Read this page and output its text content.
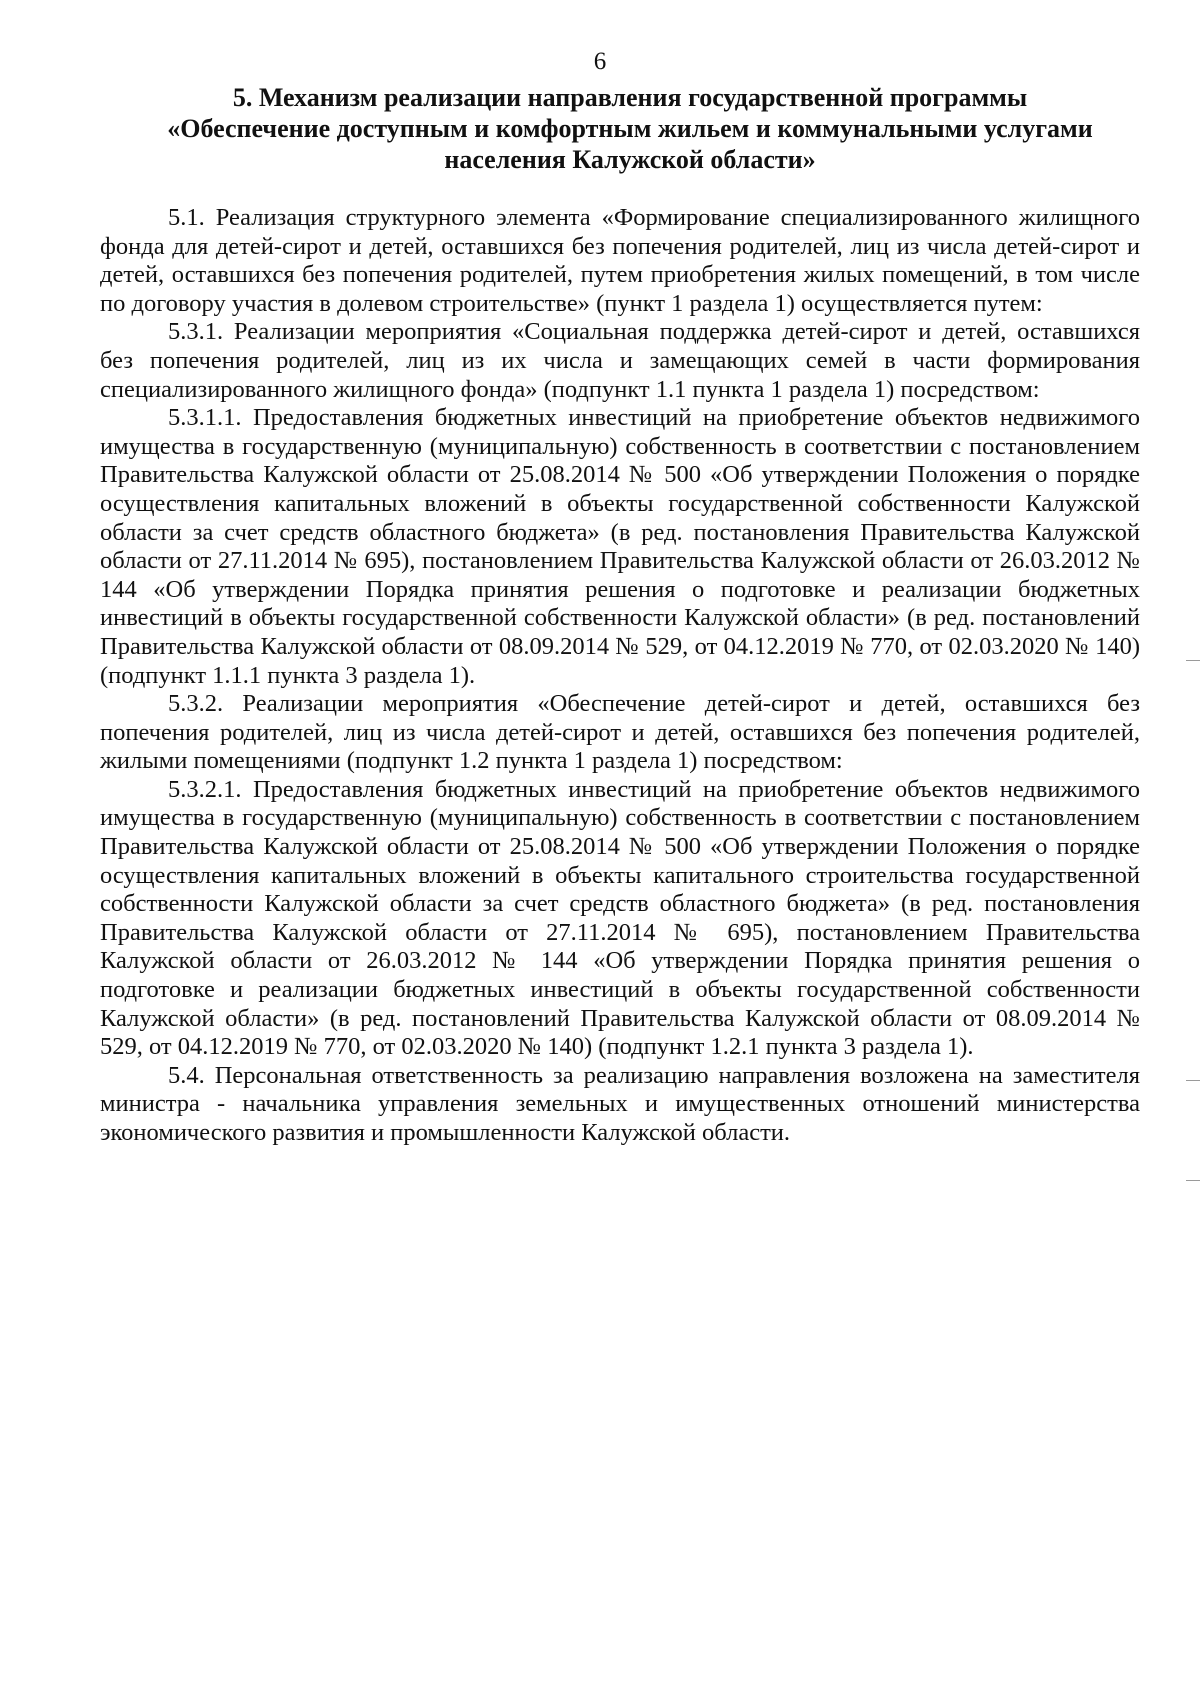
6
5. Механизм реализации направления государственной программы
«Обеспечение доступным и комфортным жильем и коммунальными услугами
населения Калужской области»

5.1. Реализация структурного элемента «Формирование специализированного жилищного фонда для детей-сирот и детей, оставшихся без попечения родителей, лиц из числа детей-сирот и детей, оставшихся без попечения родителей, путем приобретения жилых помещений, в том числе по договору участия в долевом строительстве» (пункт 1 раздела 1) осуществляется путем:

5.3.1. Реализации мероприятия «Социальная поддержка детей-сирот и детей, оставшихся без попечения родителей, лиц из их числа и замещающих семей в части формирования специализированного жилищного фонда» (подпункт 1.1 пункта 1 раздела 1) посредством:

5.3.1.1. Предоставления бюджетных инвестиций на приобретение объектов недвижимого имущества в государственную (муниципальную) собственность в соответствии с постановлением Правительства Калужской области от 25.08.2014 № 500 «Об утверждении Положения о порядке осуществления капитальных вложений в объекты государственной собственности Калужской области за счет средств областного бюджета» (в ред. постановления Правительства Калужской области от 27.11.2014 № 695), постановлением Правительства Калужской области от 26.03.2012 № 144 «Об утверждении Порядка принятия решения о подготовке и реализации бюджетных инвестиций в объекты государственной собственности Калужской области» (в ред. постановлений Правительства Калужской области от 08.09.2014 № 529, от 04.12.2019 № 770, от 02.03.2020 № 140) (подпункт 1.1.1 пункта 3 раздела 1).

5.3.2. Реализации мероприятия «Обеспечение детей-сирот и детей, оставшихся без попечения родителей, лиц из числа детей-сирот и детей, оставшихся без попечения родителей, жилыми помещениями (подпункт 1.2 пункта 1 раздела 1) посредством:

5.3.2.1. Предоставления бюджетных инвестиций на приобретение объектов недвижимого имущества в государственную (муниципальную) собственность в соответствии с постановлением Правительства Калужской области от 25.08.2014 № 500 «Об утверждении Положения о порядке осуществления капитальных вложений в объекты капитального строительства государственной собственности Калужской области за счет средств областного бюджета» (в ред. постановления Правительства Калужской области от 27.11.2014 № 695), постановлением Правительства Калужской области от 26.03.2012 № 144 «Об утверждении Порядка принятия решения о подготовке и реализации бюджетных инвестиций в объекты государственной собственности Калужской области» (в ред. постановлений Правительства Калужской области от 08.09.2014 № 529, от 04.12.2019 № 770, от 02.03.2020 № 140) (подпункт 1.2.1 пункта 3 раздела 1).

5.4. Персональная ответственность за реализацию направления возложена на заместителя министра - начальника управления земельных и имущественных отношений министерства экономического развития и промышленности Калужской области.
